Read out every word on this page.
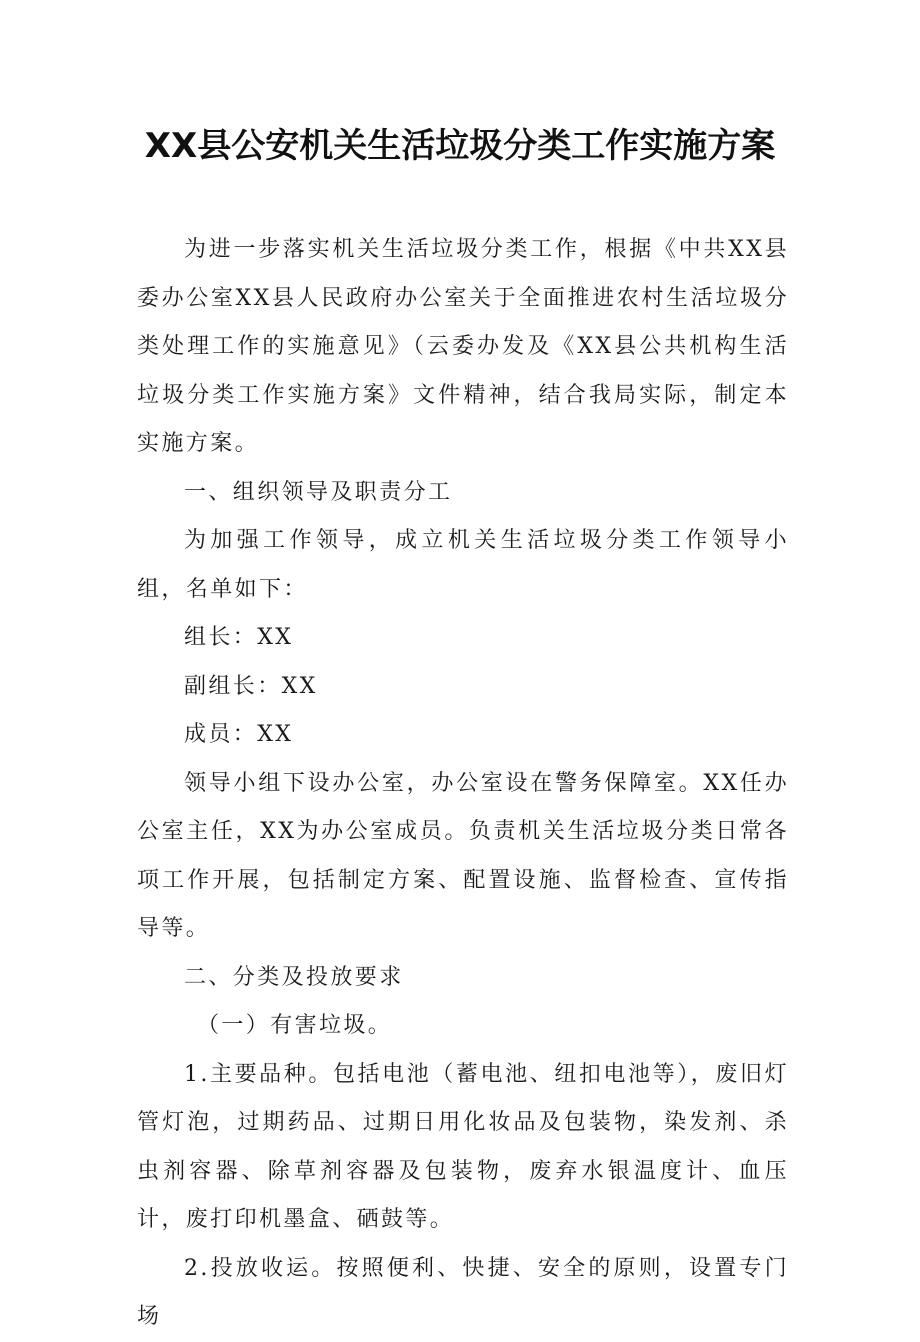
XX县公安机关生活垃圾分类工作实施方案

为进一步落实机关生活垃圾分类工作，根据《中共XX县委办公室XX县人民政府办公室关于全面推进农村生活垃圾分类处理工作的实施意见》（云委办发及《XX县公共机构生活垃圾分类工作实施方案》文件精神，结合我局实际，制定本实施方案。

一、组织领导及职责分工

为加强工作领导，成立机关生活垃圾分类工作领导小组，名单如下：

组长：XX

副组长：XX

成员：XX

领导小组下设办公室，办公室设在警务保障室。XX任办公室主任，XX为办公室成员。负责机关生活垃圾分类日常各项工作开展，包括制定方案、配置设施、监督检查、宣传指导等。

二、分类及投放要求

（一）有害垃圾。

1.主要品种。包括电池（蓄电池、纽扣电池等），废旧灯管灯泡，过期药品、过期日用化妆品及包装物，染发剂、杀虫剂容器、除草剂容器及包装物，废弃水银温度计、血压计，废打印机墨盒、硒鼓等。

2.投放收运。按照便利、快捷、安全的原则，设置专门场
